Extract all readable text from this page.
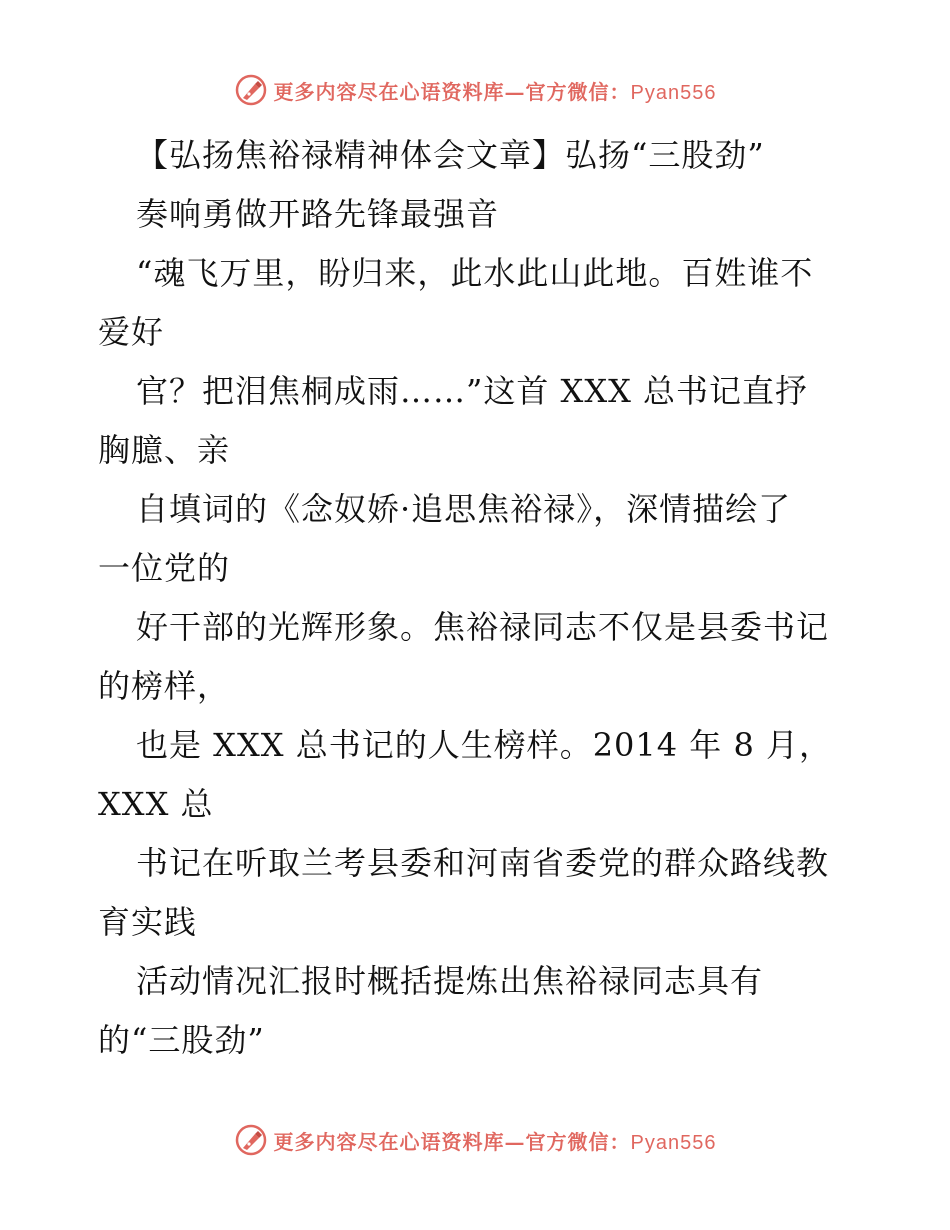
更多内容尽在心语资料库—官方微信：Pyan556
【弘扬焦裕禄精神体会文章】弘扬“三股劲”
奏响勇做开路先锋最强音
“魂飞万里，盼归来，此水此山此地。百姓谁不
爱好
官？把泪焦桐成雨……”这首 XXX 总书记直抒
胸臆、亲
自填词的《念奴娇·追思焦裕禄》，深情描绘了
一位党的
好干部的光辉形象。焦裕禄同志不仅是县委书记
的榜样，
也是 XXX 总书记的人生榜样。2014 年 8 月，
XXX 总
书记在听取兰考县委和河南省委党的群众路线教
育实践
活动情况汇报时概括提炼出焦裕禄同志具有
的“三股劲”
更多内容尽在心语资料库—官方微信：Pyan556
